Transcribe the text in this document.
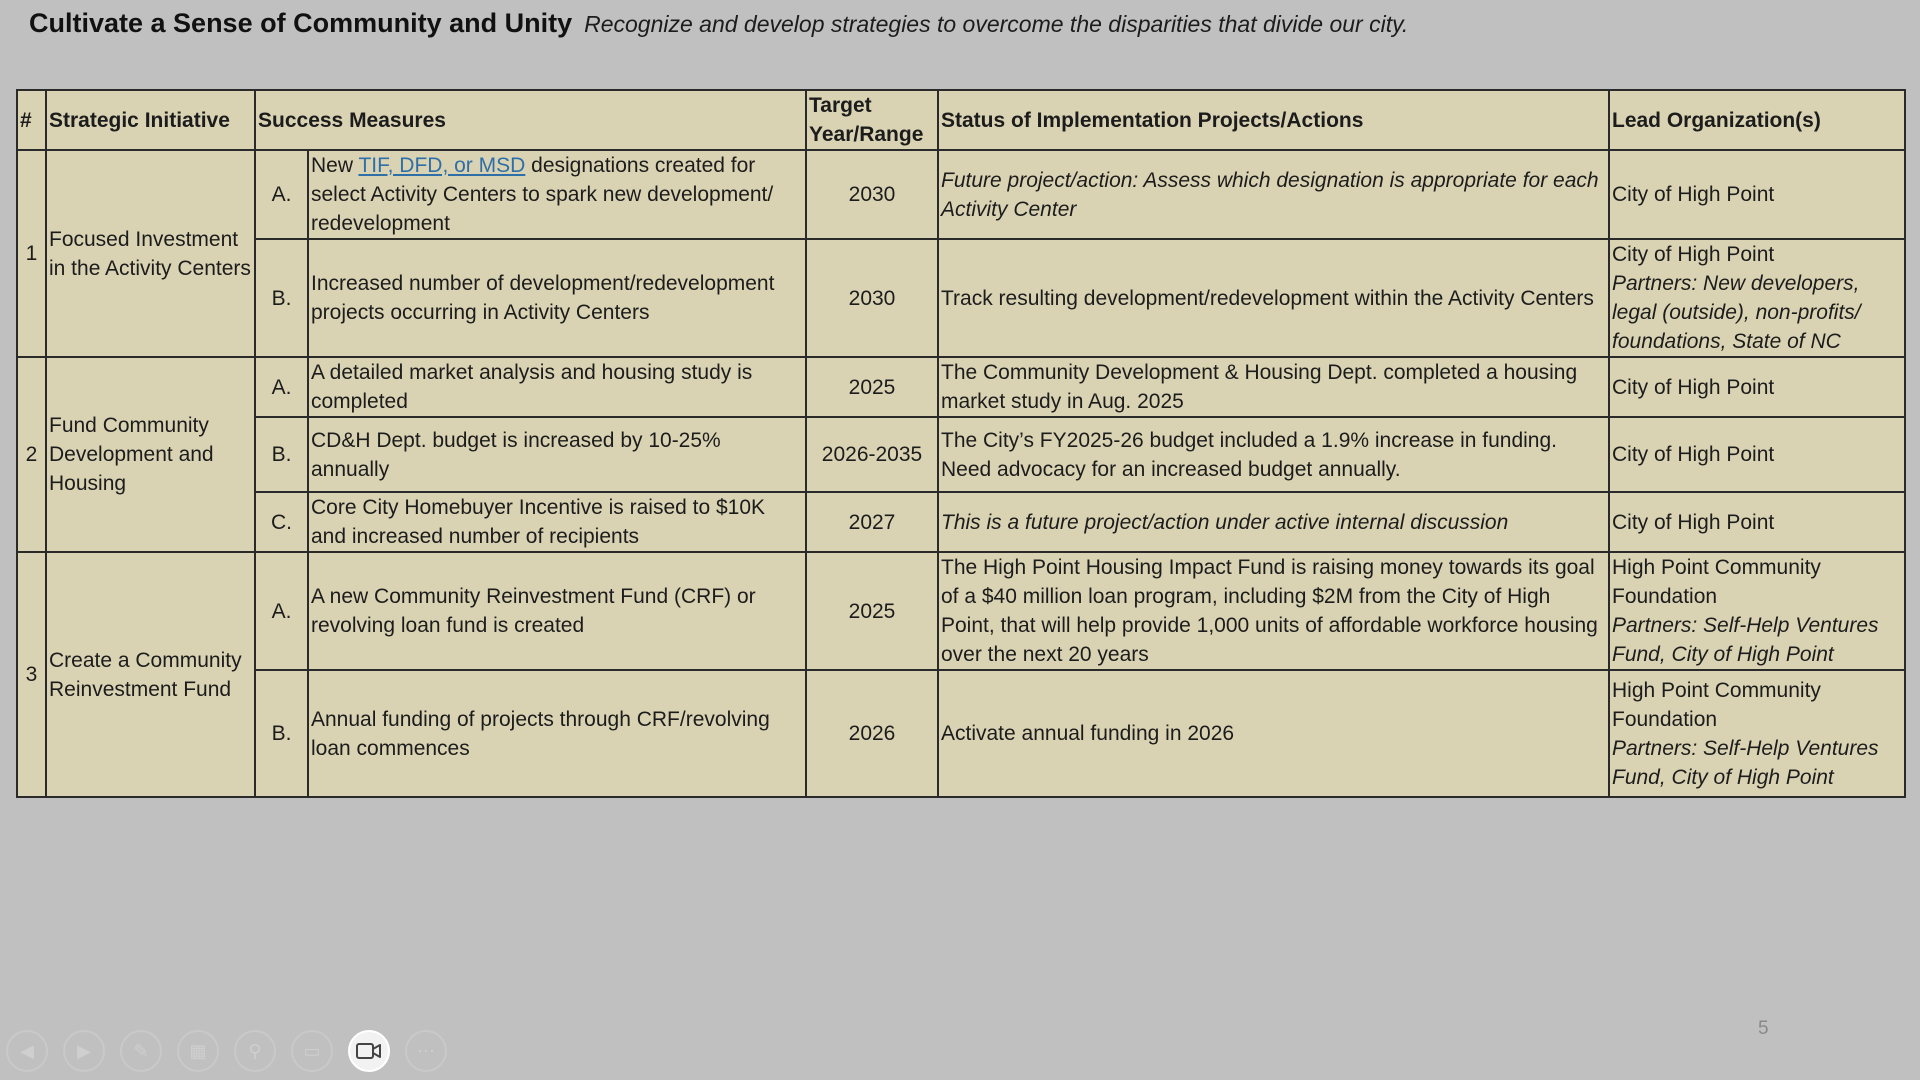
Cultivate a Sense of Community and Unity Recognize and develop strategies to overcome the disparities that divide our city.
#	Strategic Initiative	Success Measures		Target
Year/Range	Status of Implementation Projects/Actions	Lead Organization(s)
1	Focused Investment in the Activity Centers	A.	New TIF, DFD, or MSD designations created for select Activity Centers to spark new development/ redevelopment	2030	Future project/action: Assess which designation is appropriate for each Activity Center	City of High Point
		B.	Increased number of development/redevelopment projects occurring in Activity Centers	2030	Track resulting development/redevelopment within the Activity Centers	City of High Point
Partners: New developers, legal (outside), non-profits/ foundations, State of NC
2	Fund Community Development and Housing	A.	A detailed market analysis and housing study is completed	2025	The Community Development & Housing Dept. completed a housing market study in Aug. 2025	City of High Point
		B.	CD&H Dept. budget is increased by 10-25% annually	2026-2035	The City’s FY2025-26 budget included a 1.9% increase in funding. Need advocacy for an increased budget annually.	City of High Point
		C.	Core City Homebuyer Incentive is raised to $10K and increased number of recipients	2027	This is a future project/action under active internal discussion	City of High Point
3	Create a Community Reinvestment Fund	A.	A new Community Reinvestment Fund (CRF) or revolving loan fund is created	2025	The High Point Housing Impact Fund is raising money towards its goal of a $40 million loan program, including $2M from the City of High Point, that will help provide 1,000 units of affordable workforce housing over the next 20 years	High Point Community Foundation
Partners: Self-Help Ventures Fund, City of High Point
		B.	Annual funding of projects through CRF/revolving loan commences	2026	Activate annual funding in 2026	High Point Community Foundation
Partners: Self-Help Ventures Fund, City of High Point
◀ ▶ ✎ ▦ ⚲ ▭	⋯
5
